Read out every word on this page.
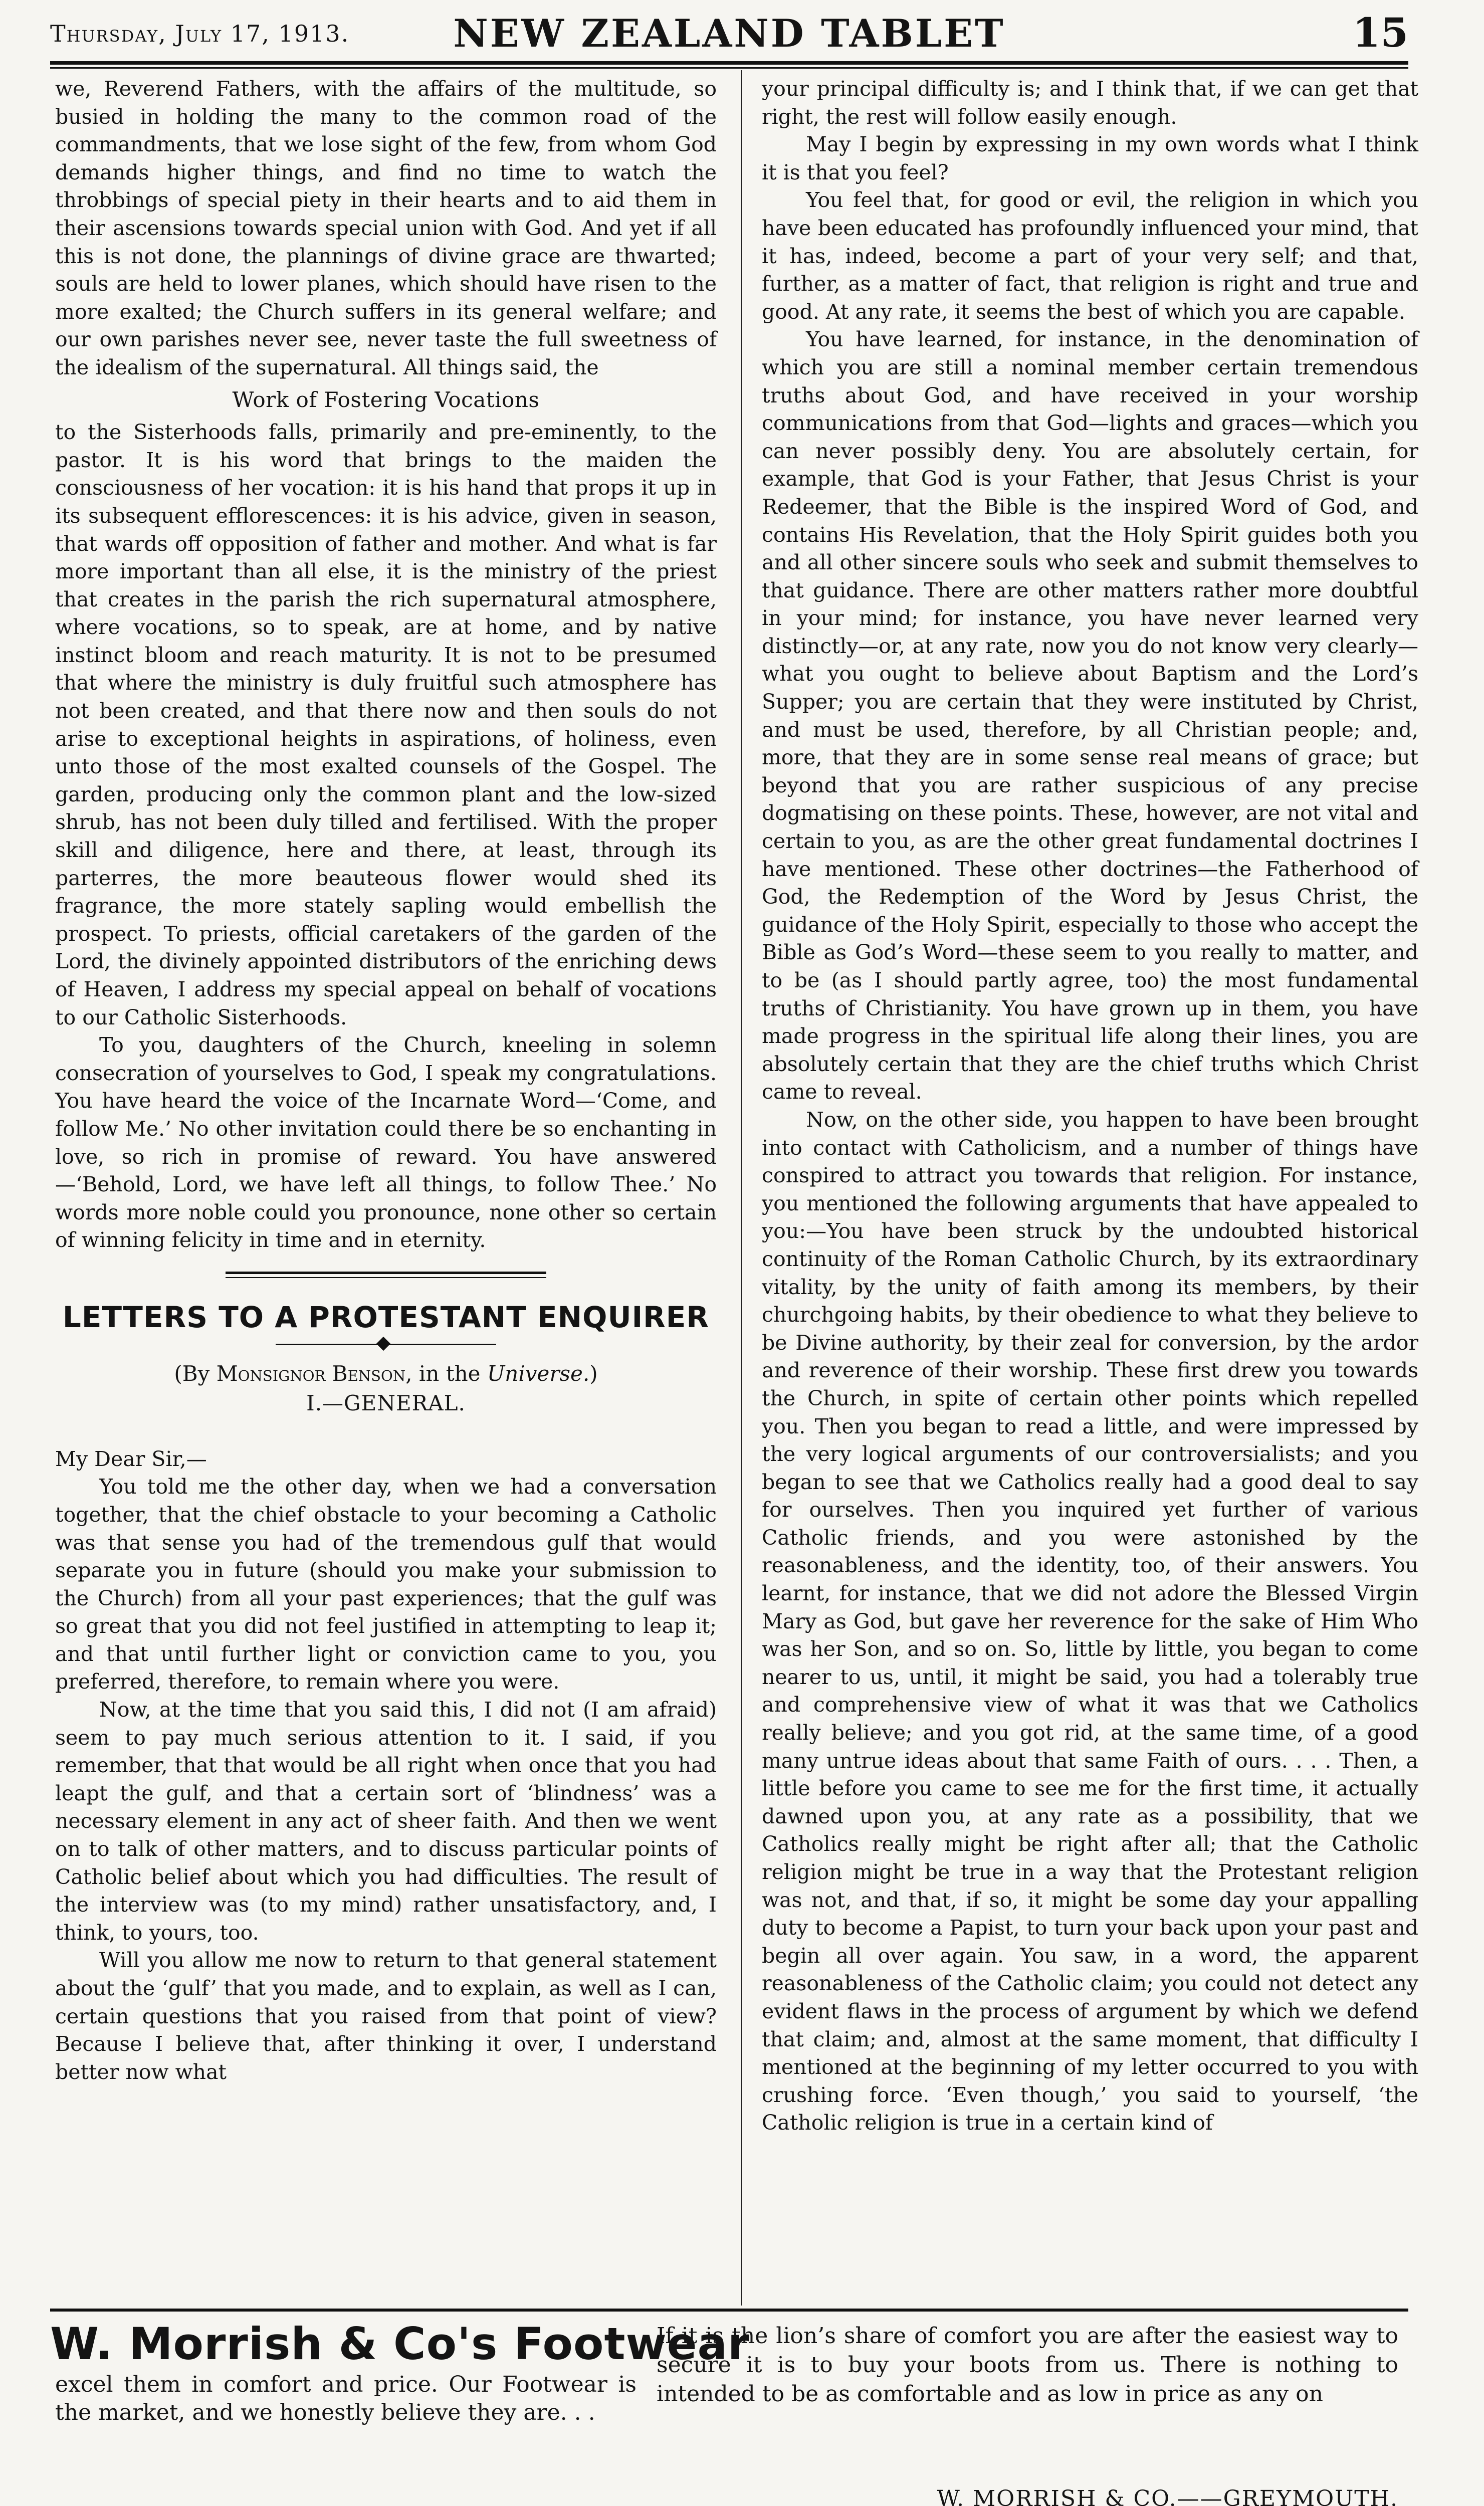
Thursday, July 17, 1913.	NEW ZEALAND TABLET	15

we, Reverend Fathers, with the affairs of the multitude, so busied in holding the many to the common road of the commandments, that we lose sight of the few, from whom God demands higher things, and find no time to watch the throbbings of special piety in their hearts and to aid them in their ascensions towards special union with God. And yet if all this is not done, the plannings of divine grace are thwarted; souls are held to lower planes, which should have risen to the more exalted; the Church suffers in its general welfare; and our own parishes never see, never taste the full sweetness of the idealism of the supernatural. All things said, the

Work of Fostering Vocations

to the Sisterhoods falls, primarily and pre-eminently, to the pastor. It is his word that brings to the maiden the consciousness of her vocation: it is his hand that props it up in its subsequent efflorescences: it is his advice, given in season, that wards off opposition of father and mother. And what is far more important than all else, it is the ministry of the priest that creates in the parish the rich supernatural atmosphere, where vocations, so to speak, are at home, and by native instinct bloom and reach maturity. It is not to be presumed that where the ministry is duly fruitful such atmosphere has not been created, and that there now and then souls do not arise to exceptional heights in aspirations, of holiness, even unto those of the most exalted counsels of the Gospel. The garden, producing only the common plant and the low-sized shrub, has not been duly tilled and fertilised. With the proper skill and diligence, here and there, at least, through its parterres, the more beauteous flower would shed its fragrance, the more stately sapling would embellish the prospect. To priests, official caretakers of the garden of the Lord, the divinely appointed distributors of the enriching dews of Heaven, I address my special appeal on behalf of vocations to our Catholic Sisterhoods.

To you, daughters of the Church, kneeling in solemn consecration of yourselves to God, I speak my congratulations. You have heard the voice of the Incarnate Word—‘Come, and follow Me.’ No other invitation could there be so enchanting in love, so rich in promise of reward. You have answered—‘Behold, Lord, we have left all things, to follow Thee.’ No words more noble could you pronounce, none other so certain of winning felicity in time and in eternity.

LETTERS TO A PROTESTANT ENQUIRER
(By Monsignor Benson, in the Universe.)
I.—GENERAL.

My Dear Sir,—

You told me the other day, when we had a conversation together, that the chief obstacle to your becoming a Catholic was that sense you had of the tremendous gulf that would separate you in future (should you make your submission to the Church) from all your past experiences; that the gulf was so great that you did not feel justified in attempting to leap it; and that until further light or conviction came to you, you preferred, therefore, to remain where you were.

Now, at the time that you said this, I did not (I am afraid) seem to pay much serious attention to it. I said, if you remember, that that would be all right when once that you had leapt the gulf, and that a certain sort of ‘blindness’ was a necessary element in any act of sheer faith. And then we went on to talk of other matters, and to discuss particular points of Catholic belief about which you had difficulties. The result of the interview was (to my mind) rather unsatisfactory, and, I think, to yours, too.

Will you allow me now to return to that general statement about the ‘gulf’ that you made, and to explain, as well as I can, certain questions that you raised from that point of view? Because I believe that, after thinking it over, I understand better now what

your principal difficulty is; and I think that, if we can get that right, the rest will follow easily enough.

May I begin by expressing in my own words what I think it is that you feel?

You feel that, for good or evil, the religion in which you have been educated has profoundly influenced your mind, that it has, indeed, become a part of your very self; and that, further, as a matter of fact, that religion is right and true and good. At any rate, it seems the best of which you are capable.

You have learned, for instance, in the denomination of which you are still a nominal member certain tremendous truths about God, and have received in your worship communications from that God—lights and graces—which you can never possibly deny. You are absolutely certain, for example, that God is your Father, that Jesus Christ is your Redeemer, that the Bible is the inspired Word of God, and contains His Revelation, that the Holy Spirit guides both you and all other sincere souls who seek and submit themselves to that guidance. There are other matters rather more doubtful in your mind; for instance, you have never learned very distinctly—or, at any rate, now you do not know very clearly—what you ought to believe about Baptism and the Lord’s Supper; you are certain that they were instituted by Christ, and must be used, therefore, by all Christian people; and, more, that they are in some sense real means of grace; but beyond that you are rather suspicious of any precise dogmatising on these points. These, however, are not vital and certain to you, as are the other great fundamental doctrines I have mentioned. These other doctrines—the Fatherhood of God, the Redemption of the Word by Jesus Christ, the guidance of the Holy Spirit, especially to those who accept the Bible as God’s Word—these seem to you really to matter, and to be (as I should partly agree, too) the most fundamental truths of Christianity. You have grown up in them, you have made progress in the spiritual life along their lines, you are absolutely certain that they are the chief truths which Christ came to reveal.

Now, on the other side, you happen to have been brought into contact with Catholicism, and a number of things have conspired to attract you towards that religion. For instance, you mentioned the following arguments that have appealed to you:—You have been struck by the undoubted historical continuity of the Roman Catholic Church, by its extraordinary vitality, by the unity of faith among its members, by their churchgoing habits, by their obedience to what they believe to be Divine authority, by their zeal for conversion, by the ardor and reverence of their worship. These first drew you towards the Church, in spite of certain other points which repelled you. Then you began to read a little, and were impressed by the very logical arguments of our controversialists; and you began to see that we Catholics really had a good deal to say for ourselves. Then you inquired yet further of various Catholic friends, and you were astonished by the reasonableness, and the identity, too, of their answers. You learnt, for instance, that we did not adore the Blessed Virgin Mary as God, but gave her reverence for the sake of Him Who was her Son, and so on. So, little by little, you began to come nearer to us, until, it might be said, you had a tolerably true and comprehensive view of what it was that we Catholics really believe; and you got rid, at the same time, of a good many untrue ideas about that same Faith of ours. . . . Then, a little before you came to see me for the first time, it actually dawned upon you, at any rate as a possibility, that we Catholics really might be right after all; that the Catholic religion might be true in a way that the Protestant religion was not, and that, if so, it might be some day your appalling duty to become a Papist, to turn your back upon your past and begin all over again. You saw, in a word, the apparent reasonableness of the Catholic claim; you could not detect any evident flaws in the process of argument by which we defend that claim; and, almost at the same moment, that difficulty I mentioned at the beginning of my letter occurred to you with crushing force. ‘Even though,’ you said to yourself, ‘the Catholic religion is true in a certain kind of

W. Morrish & Co's Footwear
excel them in comfort and price. Our Footwear is the market, and we honestly believe they are. . .
If it is the lion’s share of comfort you are after the easiest way to secure it is to buy your boots from us. There is nothing to intended to be as comfortable and as low in price as any on
W. MORRISH & CO.——GREYMOUTH.
